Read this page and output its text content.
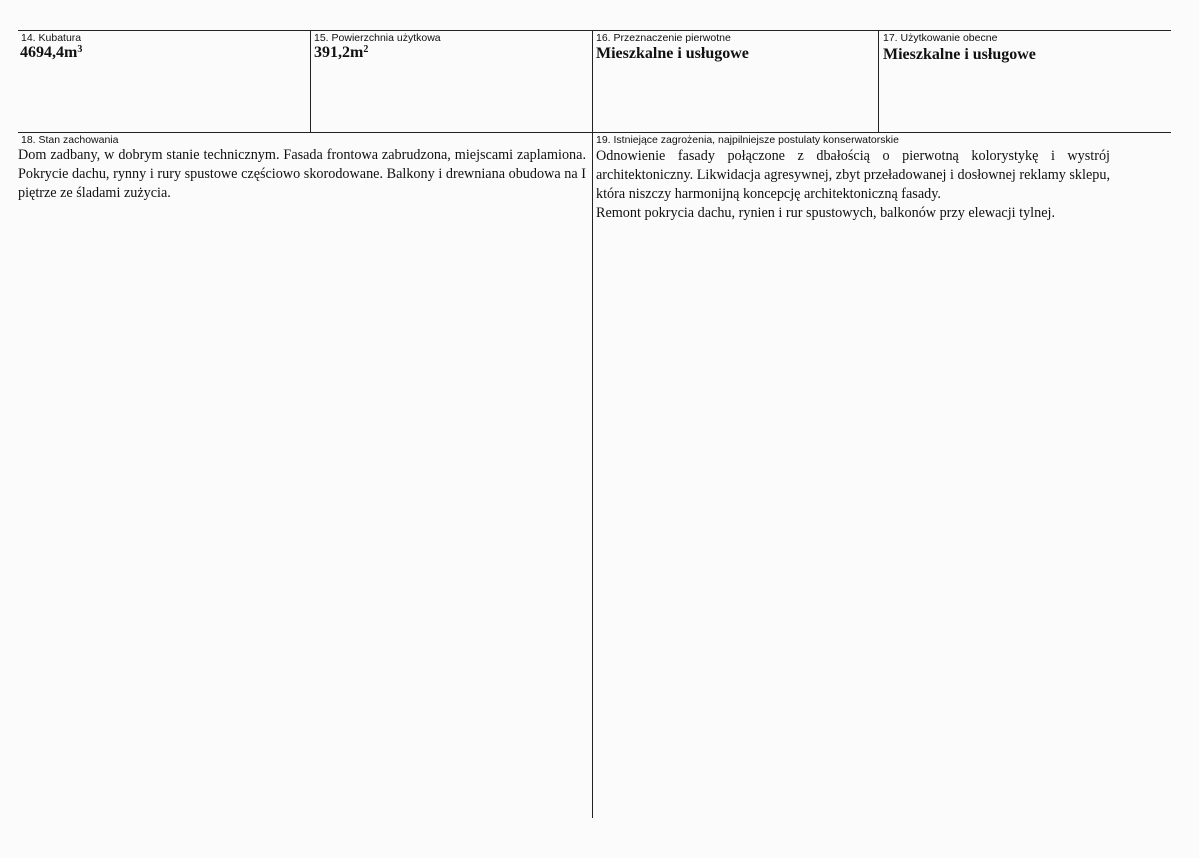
14. Kubatura
$4694,4m^3$
15. Powierzchnia użytkowa
$391,2m^2$
16. Przeznaczenie pierwotne
Mieszkalne i usługowe
17. Użytkowanie obecne
Mieszkalne i usługowe
18. Stan zachowania
Dom zadbany, w dobrym stanie technicznym. Fasada frontowa zabrudzona, miejscami zaplamiona. Pokrycie dachu, rynny i rury spustowe częściowo skorodowane. Balkony i drewniana obudowa na I piętrze ze śladami zużycia.
19. Istniejące zagrożenia, najpilniejsze postulaty konserwatorskie

Odnowienie fasady połączone z dbałością o pierwotną kolorystykę i wystrój architektoniczny. Likwidacja agresywnej, zbyt przeładowanej i dosłownej reklamy sklepu, która niszczy harmonijną koncepcję architektoniczną fasady.

Remont pokrycia dachu, rynien i rur spustowych, balkonów przy elewacji tylnej.
